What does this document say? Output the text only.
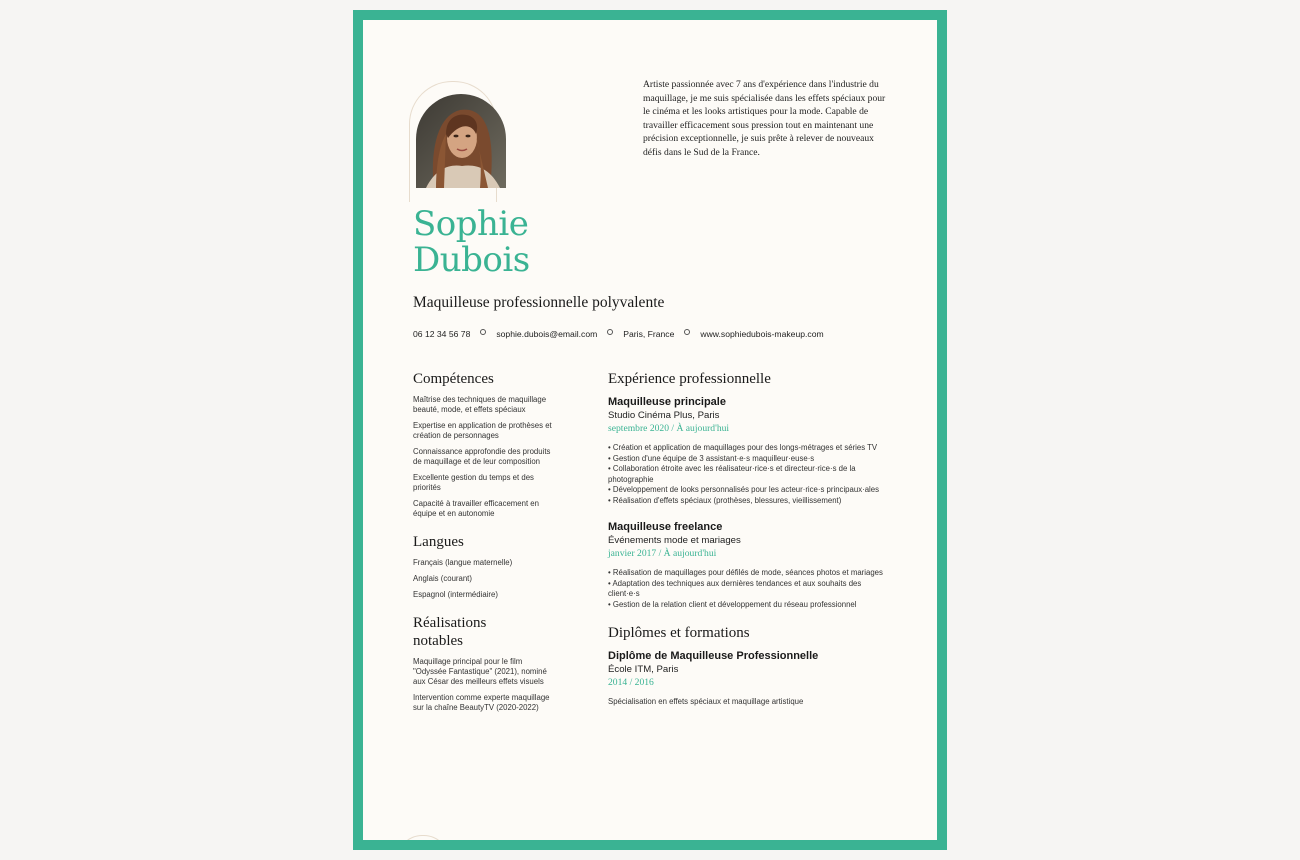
Artiste passionnée avec 7 ans d'expérience dans l'industrie du maquillage, je me suis spécialisée dans les effets spéciaux pour le cinéma et les looks artistiques pour la mode. Capable de travailler efficacement sous pression tout en maintenant une précision exceptionnelle, je suis prête à relever de nouveaux défis dans le Sud de la France.
Sophie
Dubois
Maquilleuse professionnelle polyvalente
06 12 34 56 78	sophie.dubois@email.com	Paris, France	www.sophiedubois-makeup.com
Compétences

Maîtrise des techniques de maquillage beauté, mode, et effets spéciaux

Expertise en application de prothèses et création de personnages

Connaissance approfondie des produits de maquillage et de leur composition

Excellente gestion du temps et des priorités

Capacité à travailler efficacement en équipe et en autonomie

Langues

Français (langue maternelle)

Anglais (courant)

Espagnol (intermédiaire)

Réalisations notables

Maquillage principal pour le film "Odyssée Fantastique" (2021), nominé aux César des meilleurs effets visuels

Intervention comme experte maquillage sur la chaîne BeautyTV (2020-2022)

Expérience professionnelle

Maquilleuse principale

Studio Cinéma Plus, Paris

septembre 2020 / À aujourd'hui

• Création et application de maquillages pour des longs-métrages et séries TV

• Gestion d'une équipe de 3 assistant·e·s maquilleur·euse·s

• Collaboration étroite avec les réalisateur·rice·s et directeur·rice·s de la photographie

• Développement de looks personnalisés pour les acteur·rice·s principaux·ales

• Réalisation d'effets spéciaux (prothèses, blessures, vieillissement)

Maquilleuse freelance

Événements mode et mariages

janvier 2017 / À aujourd'hui

• Réalisation de maquillages pour défilés de mode, séances photos et mariages

• Adaptation des techniques aux dernières tendances et aux souhaits des client·e·s

• Gestion de la relation client et développement du réseau professionnel

Diplômes et formations

Diplôme de Maquilleuse Professionnelle

École ITM, Paris

2014 / 2016

Spécialisation en effets spéciaux et maquillage artistique
